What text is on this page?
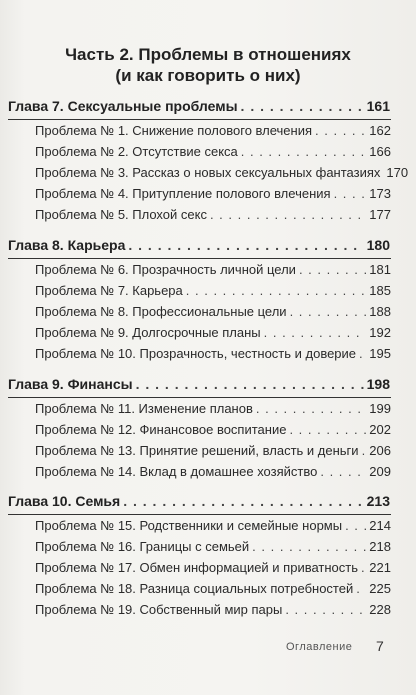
Часть 2. Проблемы в отношениях
(и как говорить о них)
Глава 7. Сексуальные проблемы . . .	161
Проблема № 1. Снижение полового влечения . . .	162
Проблема № 2. Отсутствие секса . . .	166
Проблема № 3. Рассказ о новых сексуальных фантазиях 170
Проблема № 4. Притупление полового влечения . . .	173
Проблема № 5. Плохой секс . . .	177
Глава 8. Карьера . . .	180
Проблема № 6. Прозрачность личной цели . . .	181
Проблема № 7. Карьера . . .	185
Проблема № 8. Профессиональные цели . . .	188
Проблема № 9. Долгосрочные планы . . .	192
Проблема № 10. Прозрачность, честность и доверие . . . 195
Глава 9. Финансы . . .	198
Проблема № 11. Изменение планов . . .	199
Проблема № 12. Финансовое воспитание . . .	202
Проблема № 13. Принятие решений, власть и деньги . . . 206
Проблема № 14. Вклад в домашнее хозяйство . . .	209
Глава 10. Семья . . .	213
Проблема № 15. Родственники и семейные нормы . . . 214
Проблема № 16. Границы с семьей . . .	218
Проблема № 17. Обмен информацией и приватность . . . 221
Проблема № 18. Разница социальных потребностей . . . 225
Проблема № 19. Собственный мир пары . . .	228
Оглавление 7
